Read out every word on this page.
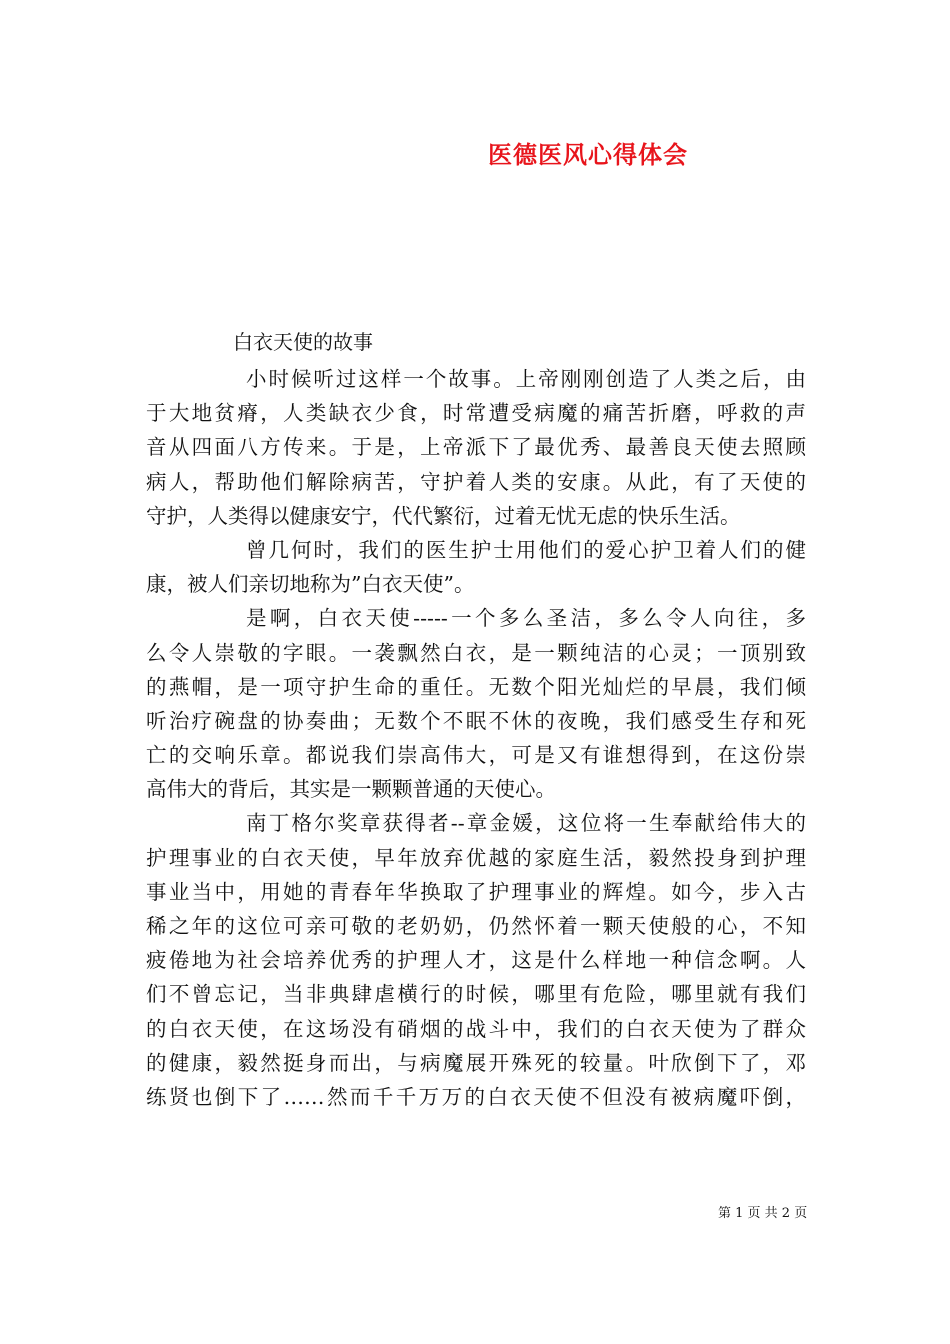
医德医风心得体会
白衣天使的故事
小时候听过这样一个故事。上帝刚刚创造了人类之后，由
于大地贫瘠，人类缺衣少食，时常遭受病魔的痛苦折磨，呼救的声
音从四面八方传来。于是，上帝派下了最优秀、最善良天使去照顾
病人，帮助他们解除病苦，守护着人类的安康。从此，有了天使的
守护，人类得以健康安宁，代代繁衍，过着无忧无虑的快乐生活。
曾几何时，我们的医生护士用他们的爱心护卫着人们的健
康，被人们亲切地称为”白衣天使”。
是啊，白衣天使-----一个多么圣洁，多么令人向往，多
么令人崇敬的字眼。一袭飘然白衣，是一颗纯洁的心灵；一顶别致
的燕帽，是一项守护生命的重任。无数个阳光灿烂的早晨，我们倾
听治疗碗盘的协奏曲；无数个不眠不休的夜晚，我们感受生存和死
亡的交响乐章。都说我们崇高伟大，可是又有谁想得到，在这份崇
高伟大的背后，其实是一颗颗普通的天使心。
南丁格尔奖章获得者--章金媛，这位将一生奉献给伟大的
护理事业的白衣天使，早年放弃优越的家庭生活，毅然投身到护理
事业当中，用她的青春年华换取了护理事业的辉煌。如今，步入古
稀之年的这位可亲可敬的老奶奶，仍然怀着一颗天使般的心，不知
疲倦地为社会培养优秀的护理人才，这是什么样地一种信念啊。人
们不曾忘记，当非典肆虐横行的时候，哪里有危险，哪里就有我们
的白衣天使，在这场没有硝烟的战斗中，我们的白衣天使为了群众
的健康，毅然挺身而出，与病魔展开殊死的较量。叶欣倒下了，邓
练贤也倒下了……然而千千万万的白衣天使不但没有被病魔吓倒，
第 1 页 共 2 页
